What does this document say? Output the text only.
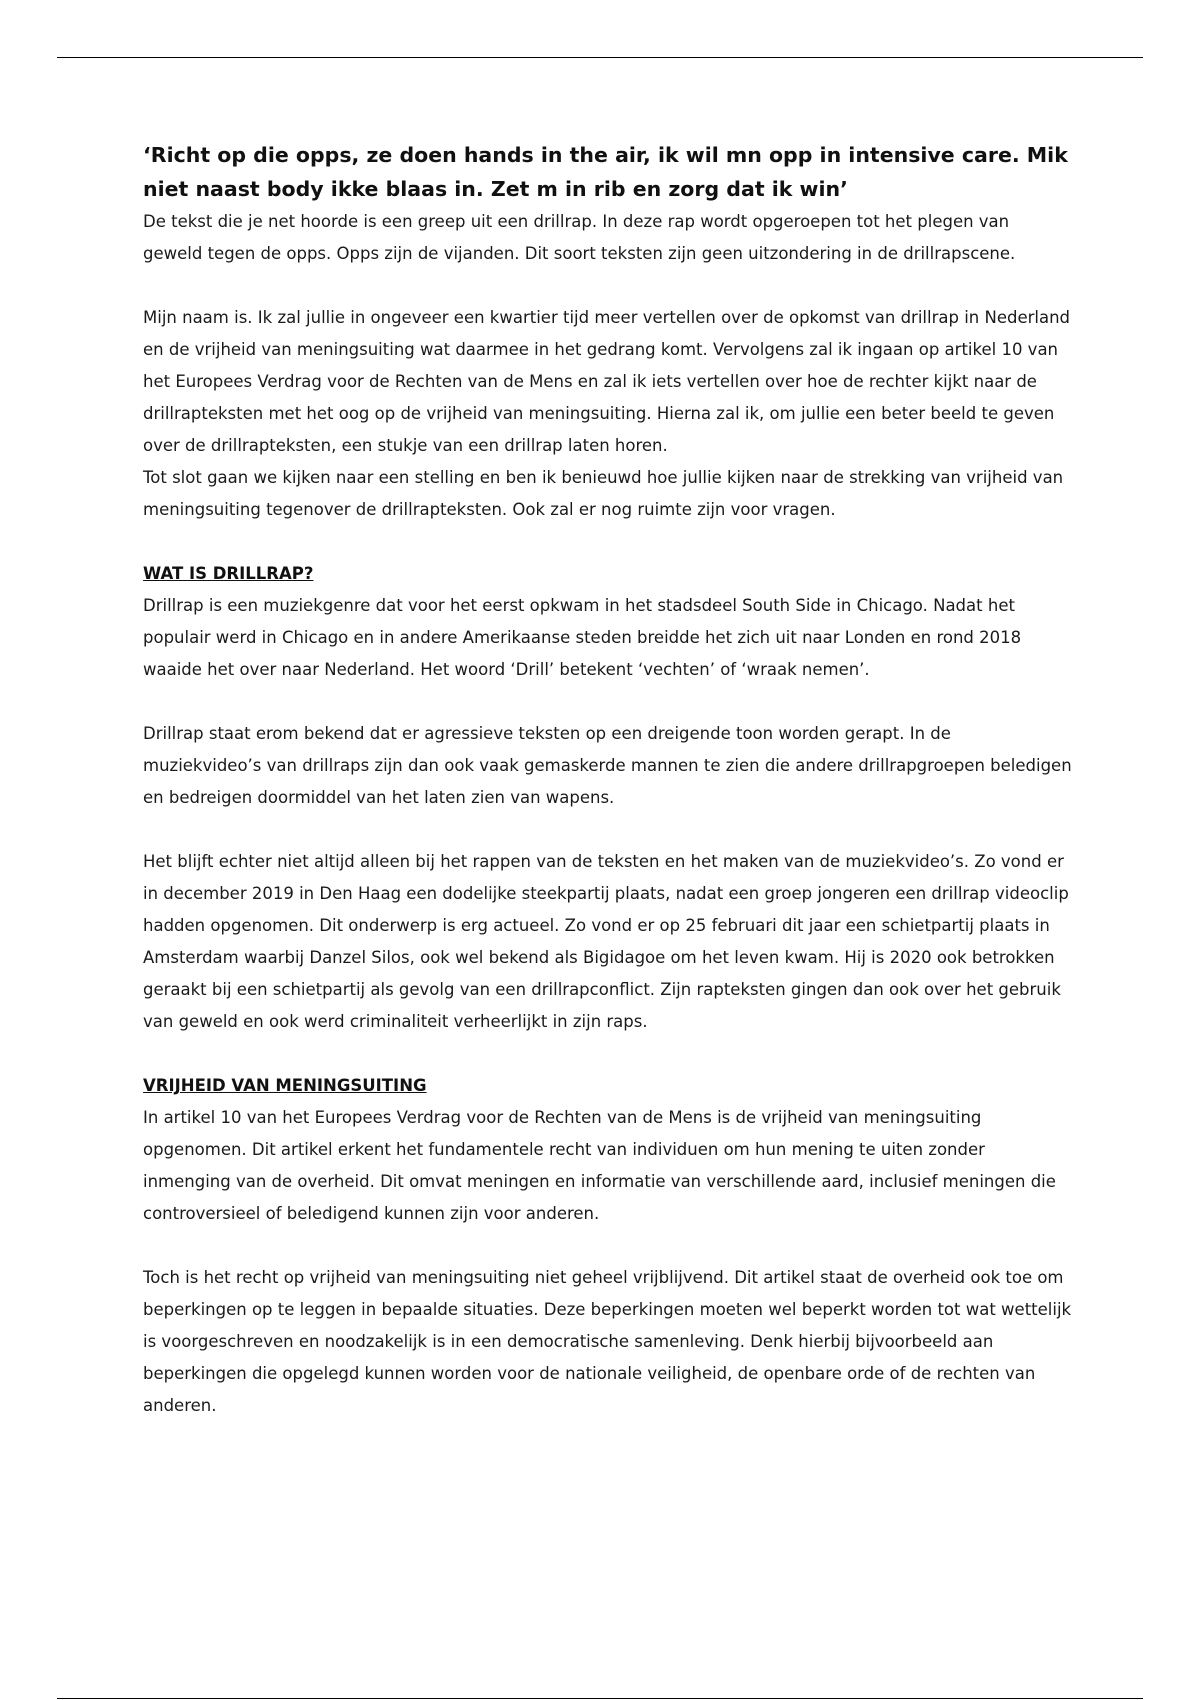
‘Richt op die opps, ze doen hands in the air, ik wil mn opp in intensive care. Mik niet naast body ikke blaas in. Zet m in rib en zorg dat ik win’

De tekst die je net hoorde is een greep uit een drillrap. In deze rap wordt opgeroepen tot het plegen van geweld tegen de opps. Opps zijn de vijanden. Dit soort teksten zijn geen uitzondering in de drillrapscene.

Mijn naam is. Ik zal jullie in ongeveer een kwartier tijd meer vertellen over de opkomst van drillrap in Nederland en de vrijheid van meningsuiting wat daarmee in het gedrang komt. Vervolgens zal ik ingaan op artikel 10 van het Europees Verdrag voor de Rechten van de Mens en zal ik iets vertellen over hoe de rechter kijkt naar de drillrapteksten met het oog op de vrijheid van meningsuiting. Hierna zal ik, om jullie een beter beeld te geven over de drillrapteksten, een stukje van een drillrap laten horen.

Tot slot gaan we kijken naar een stelling en ben ik benieuwd hoe jullie kijken naar de strekking van vrijheid van meningsuiting tegenover de drillrapteksten. Ook zal er nog ruimte zijn voor vragen.

WAT IS DRILLRAP?

Drillrap is een muziekgenre dat voor het eerst opkwam in het stadsdeel South Side in Chicago. Nadat het populair werd in Chicago en in andere Amerikaanse steden breidde het zich uit naar Londen en rond 2018 waaide het over naar Nederland. Het woord ‘Drill’ betekent ‘vechten’ of ‘wraak nemen’.

Drillrap staat erom bekend dat er agressieve teksten op een dreigende toon worden gerapt. In de muziekvideo’s van drillraps zijn dan ook vaak gemaskerde mannen te zien die andere drillrapgroepen beledigen en bedreigen doormiddel van het laten zien van wapens.

Het blijft echter niet altijd alleen bij het rappen van de teksten en het maken van de muziekvideo’s. Zo vond er in december 2019 in Den Haag een dodelijke steekpartij plaats, nadat een groep jongeren een drillrap videoclip hadden opgenomen. Dit onderwerp is erg actueel. Zo vond er op 25 februari dit jaar een schietpartij plaats in Amsterdam waarbij Danzel Silos, ook wel bekend als Bigidagoe om het leven kwam. Hij is 2020 ook betrokken geraakt bij een schietpartij als gevolg van een drillrapconflict. Zijn rapteksten gingen dan ook over het gebruik van geweld en ook werd criminaliteit verheerlijkt in zijn raps.

VRIJHEID VAN MENINGSUITING

In artikel 10 van het Europees Verdrag voor de Rechten van de Mens is de vrijheid van meningsuiting opgenomen. Dit artikel erkent het fundamentele recht van individuen om hun mening te uiten zonder inmenging van de overheid. Dit omvat meningen en informatie van verschillende aard, inclusief meningen die controversieel of beledigend kunnen zijn voor anderen.

Toch is het recht op vrijheid van meningsuiting niet geheel vrijblijvend. Dit artikel staat de overheid ook toe om beperkingen op te leggen in bepaalde situaties. Deze beperkingen moeten wel beperkt worden tot wat wettelijk is voorgeschreven en noodzakelijk is in een democratische samenleving. Denk hierbij bijvoorbeeld aan beperkingen die opgelegd kunnen worden voor de nationale veiligheid, de openbare orde of de rechten van anderen.
